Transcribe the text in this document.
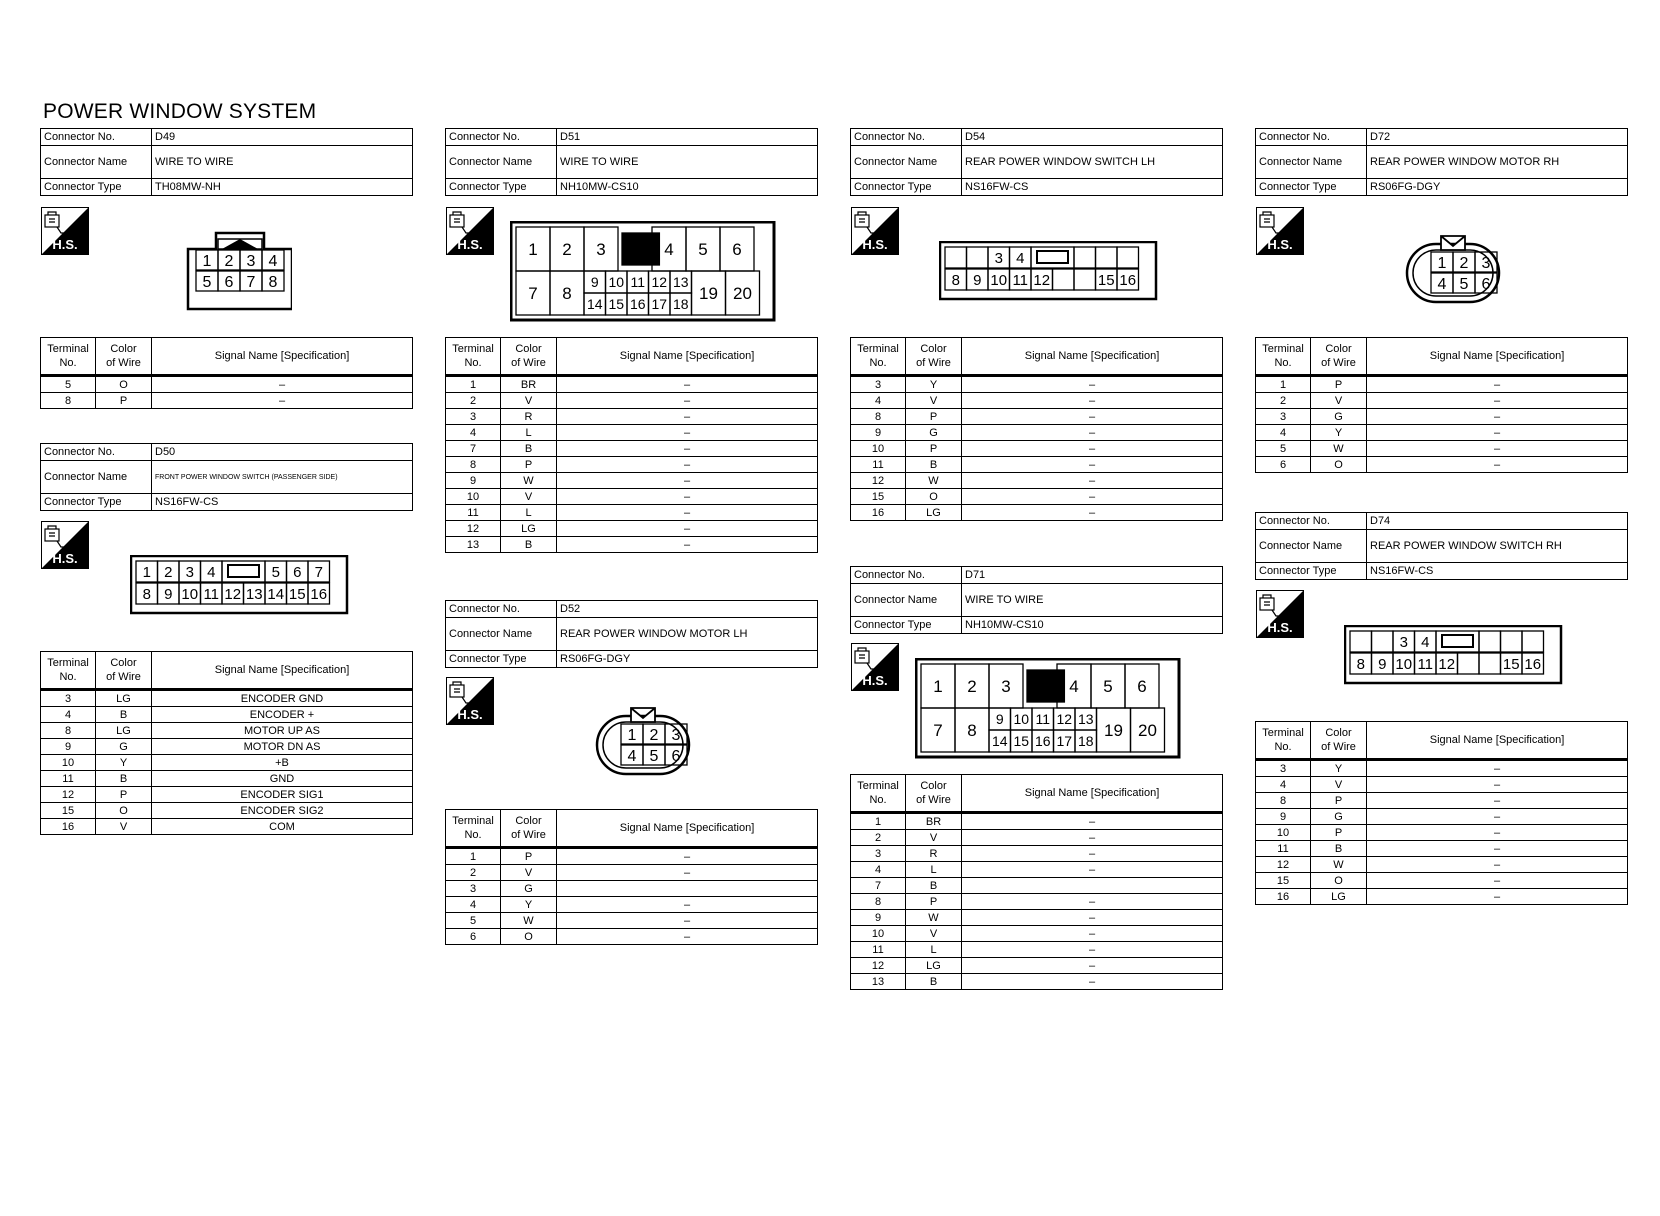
POWER WINDOW SYSTEM
Connector No.	D49
Connector Name	WIRE TO WIRE
Connector Type	TH08MW-NH
H.S.
1 2 3 4
5 6 7 8
Connector No.	D50
Connector Name	FRONT POWER WINDOW SWITCH (PASSENGER SIDE)
Connector Type	NS16FW-CS
H.S.
1 2 3 4	5 6 7
8 9 10 11 12 13 14 15 16
Connector No.	D51
Connector Name	WIRE TO WIRE
Connector Type	NH10MW-CS10
H.S.	1 2 3	4 5 6
7 8
9 10 11 12 13
14 15 16 17 18
19 20
Connector No.	D52
Connector Name	REAR POWER WINDOW MOTOR LH
Connector Type	RS06FG-DGY
H.S.
1 2 3
4 5 6
Connector No.	D54
Connector Name	REAR POWER WINDOW SWITCH LH
Connector Type	NS16FW-CS
H.S.
3 4
8 9 10 11 12	15 16
Connector No.	D71
Connector Name	WIRE TO WIRE
Connector Type	NH10MW-CS10
H.S.	1 2 3	4 5 6
7 8
9 10 11 12 13
14 15 16 17 18
19 20
Connector No.	D72
Connector Name	REAR POWER WINDOW MOTOR RH
Connector Type	RS06FG-DGY
H.S.
1 2 3
4 5 6
Connector No.	D74
Connector Name	REAR POWER WINDOW SWITCH RH
Connector Type	NS16FW-CS
H.S.
3 4
8 9 10 11 12	15 16
Terminal
No.	Color
of Wire	Signal Name [Specification]
5	O	–
8	P	–
Terminal
No.	Color
of Wire	Signal Name [Specification]
3	LG	ENCODER GND
4	B	ENCODER +
8	LG	MOTOR UP AS
9	G	MOTOR DN AS
10	Y	+B
11	B	GND
12	P	ENCODER SIG1
15	O	ENCODER SIG2
16	V	COM
Terminal
No.	Color
of Wire	Signal Name [Specification]
1	BR	–
2	V	–
3	R	–
4	L	–
7	B	–
8	P	–
9	W	–
10	V	–
11	L	–
12	LG	–
13	B	–
Terminal
No.	Color
of Wire	Signal Name [Specification]
1	P	–
2	V	–
3	G	
4	Y	–
5	W	–
6	O	–
Terminal
No.	Color
of Wire	Signal Name [Specification]
3	Y	–
4	V	–
8	P	–
9	G	–
10	P	–
11	B	–
12	W	–
15	O	–
16	LG	–
Terminal
No.	Color
of Wire	Signal Name [Specification]
1	BR	–
2	V	–
3	R	–
4	L	–
7	B	
8	P	–
9	W	–
10	V	–
11	L	–
12	LG	–
13	B	–
Terminal
No.	Color
of Wire	Signal Name [Specification]
1	P	–
2	V	–
3	G	–
4	Y	–
5	W	–
6	O	–
Terminal
No.	Color
of Wire	Signal Name [Specification]
3	Y	–
4	V	–
8	P	–
9	G	–
10	P	–
11	B	–
12	W	–
15	O	–
16	LG	–
